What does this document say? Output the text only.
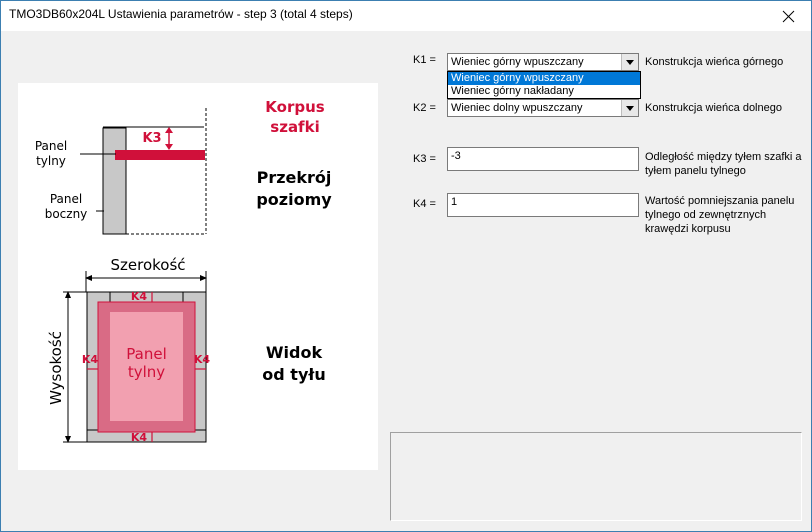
TMO3DB60x204L Ustawienia parametrów - step 3 (total 4 steps)
Korpus
szafki
Przekrój
poziomy
Widok
od tyłu
Panel
tylny
Panel
boczny
Szerokość
Wysokość	Panel
tylny
K3
K4
K4
K4	K4
K1 = Wieniec górny wpuszczany	Konstrukcja wieńca górnego
Wieniec górny wpuszczany
Wieniec górny nakładany
K2 = Wieniec dolny wpuszczany	Konstrukcja wieńca dolnego
K3 = -3	Odległość między tyłem szafki a tyłem panelu tylnego
K4 = 1	Wartość pomniejszania panelu tylnego od zewnętrznych krawędzi korpusu
